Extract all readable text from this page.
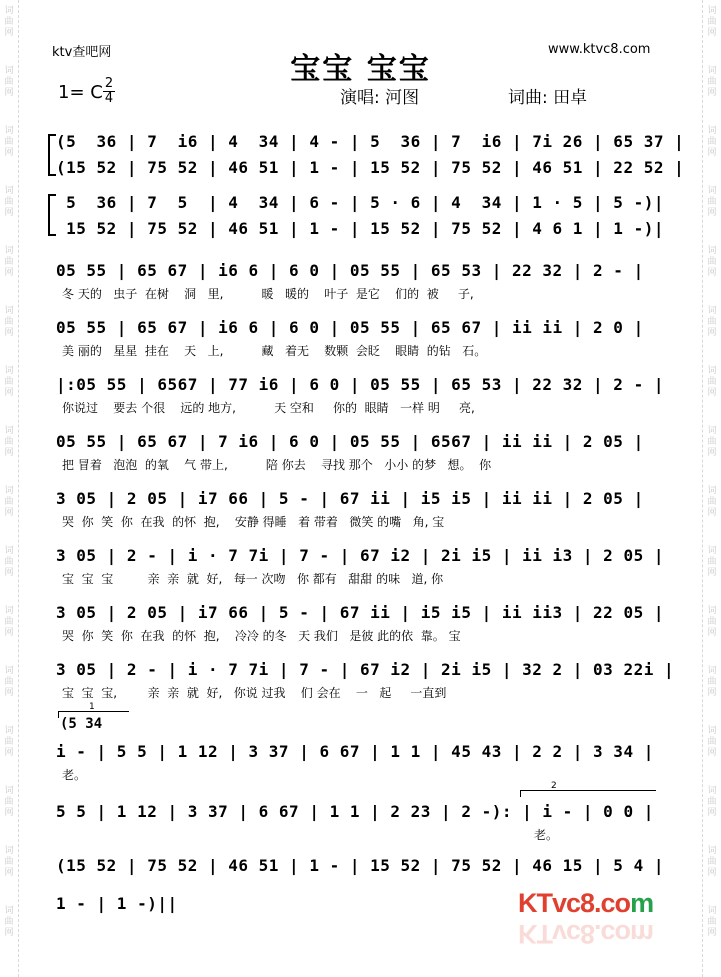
词
曲
网
词
曲
网
词
曲
网
词
曲
网
词
曲
网
词
曲
网
词
曲
网
词
曲
网
词
曲
网
词
曲
网
词
曲
网
词
曲
网
词
曲
网
词
曲
网
词
曲
网
词
曲
网
词
曲
网
词
曲
网
词
曲
网
词
曲
网
词
曲
网
词
曲
网
词
曲
网
词
曲
网
词
曲
网
词
曲
网
词
曲
网
词
曲
网
词
曲
网
词
曲
网
词
曲
网
词
曲
网
ktv查吧网	www.ktvc8.com
宝宝 宝宝
1= C 2
4	演唱: 河图	词曲: 田卓
(5  36 | 7  i6 | 4  34 | 4 - | 5  36 | 7  i6 | 7i 26 | 65 37 |
(15 52 | 75 52 | 46 51 | 1 - | 15 52 | 75 52 | 46 51 | 22 52 |
5  36 | 7  5  | 4  34 | 6 - | 5 · 6 | 4  34 | 1 · 5 | 5 -)|
15 52 | 75 52 | 46 51 | 1 - | 15 52 | 75 52 | 4 6 1 | 1 -)|
05 55 | 65 67 | i6 6 | 6 0 | 05 55 | 65 53 | 22 32 | 2 - |
冬 天的   虫子  在树    洞   里,          暖   暖的    叶子  是它    们的  被     子,
05 55 | 65 67 | i6 6 | 6 0 | 05 55 | 65 67 | ii ii | 2 0 |
美 丽的   星星  挂在    天   上,          藏   着无    数颗  会眨    眼睛  的钻   石。
|:05 55 | 6567 | 77 i6 | 6 0 | 05 55 | 65 53 | 22 32 | 2 - |
你说过    要去 个很    远的 地方,          天 空和     你的  眼睛   一样 明     亮,
05 55 | 65 67 | 7 i6 | 6 0 | 05 55 | 6567 | ii ii | 2 05 |
把 冒着   泡泡  的氧    气 带上,          陪 你去    寻找 那个   小小 的梦   想。  你
3 05 | 2 05 | i7 66 | 5 - | 67 ii | i5 i5 | ii ii | 2 05 |
哭  你  笑  你  在我  的怀  抱,    安静 得睡   着 带着   微笑 的嘴   角, 宝
3 05 | 2 - | i · 7 7i | 7 - | 67 i2 | 2i i5 | ii i3 | 2 05 |
宝  宝  宝         亲  亲  就  好,   每一 次吻   你 都有   甜甜 的味   道, 你
3 05 | 2 05 | i7 66 | 5 - | 67 ii | i5 i5 | ii ii3 | 22 05 |
哭  你  笑  你  在我  的怀  抱,    冷冷 的冬   天 我们   是彼 此的依  靠。 宝
3 05 | 2 - | i · 7 7i | 7 - | 67 i2 | 2i i5 | 32 2 | 03 22i |
宝  宝  宝,        亲  亲  就  好,   你说 过我    们 会在    一   起     一直到
1
(5 34
i - | 5 5 | 1 12 | 3 37 | 6 67 | 1 1 | 45 43 | 2 2 | 3 34 |
老。
2
5 5 | 1 12 | 3 37 | 6 67 | 1 1 | 2 23 | 2 -): | i - | 0 0 |
老。
(15 52 | 75 52 | 46 51 | 1 - | 15 52 | 75 52 | 46 15 | 5 4 |
1 - | 1 -)||	KTvc8.com
KTvc8.com
